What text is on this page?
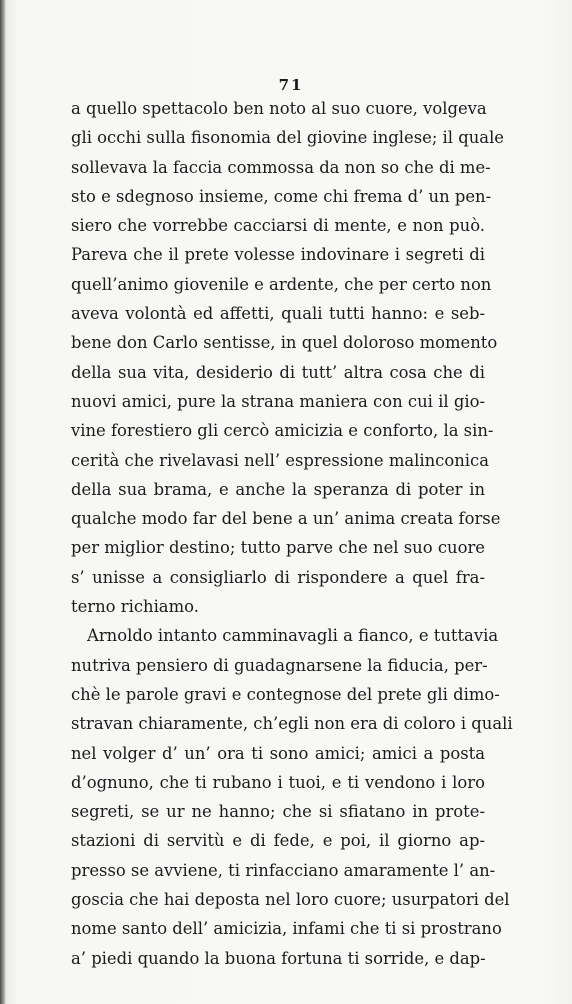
71
a quello spettacolo ben noto al suo cuore, volgeva
gli occhi sulla fisonomia del giovine inglese; il quale
sollevava la faccia commossa da non so che di me-
sto e sdegnoso insieme, come chi frema d’ un pen-
siero che vorrebbe cacciarsi di mente, e non può.
Pareva che il prete volesse indovinare i segreti di
quell’animo giovenile e ardente, che per certo non
aveva volontà ed affetti, quali tutti hanno: e seb-
bene don Carlo sentisse, in quel doloroso momento
della sua vita, desiderio di tutt’ altra cosa che di
nuovi amici, pure la strana maniera con cui il gio-
vine forestiero gli cercò amicizia e conforto, la sin-
cerità che rivelavasi nell’ espressione malinconica
della sua brama, e anche la speranza di poter in
qualche modo far del bene a un’ anima creata forse
per miglior destino; tutto parve che nel suo cuore
s’ unisse a consigliarlo di rispondere a quel fra-
terno richiamo.
Arnoldo intanto camminavagli a fianco, e tuttavia
nutriva pensiero di guadagnarsene la fiducia, per-
chè le parole gravi e contegnose del prete gli dimo-
stravan chiaramente, ch’egli non era di coloro i quali
nel volger d’ un’ ora ti sono amici; amici a posta
d’ognuno, che ti rubano i tuoi, e ti vendono i loro
segreti, se ur ne hanno; che si sfiatano in prote-
stazioni di servitù e di fede, e poi, il giorno ap-
presso se avviene, ti rinfacciano amaramente l’ an-
goscia che hai deposta nel loro cuore; usurpatori del
nome santo dell’ amicizia, infami che ti si prostrano
a’ piedi quando la buona fortuna ti sorride, e dap-
